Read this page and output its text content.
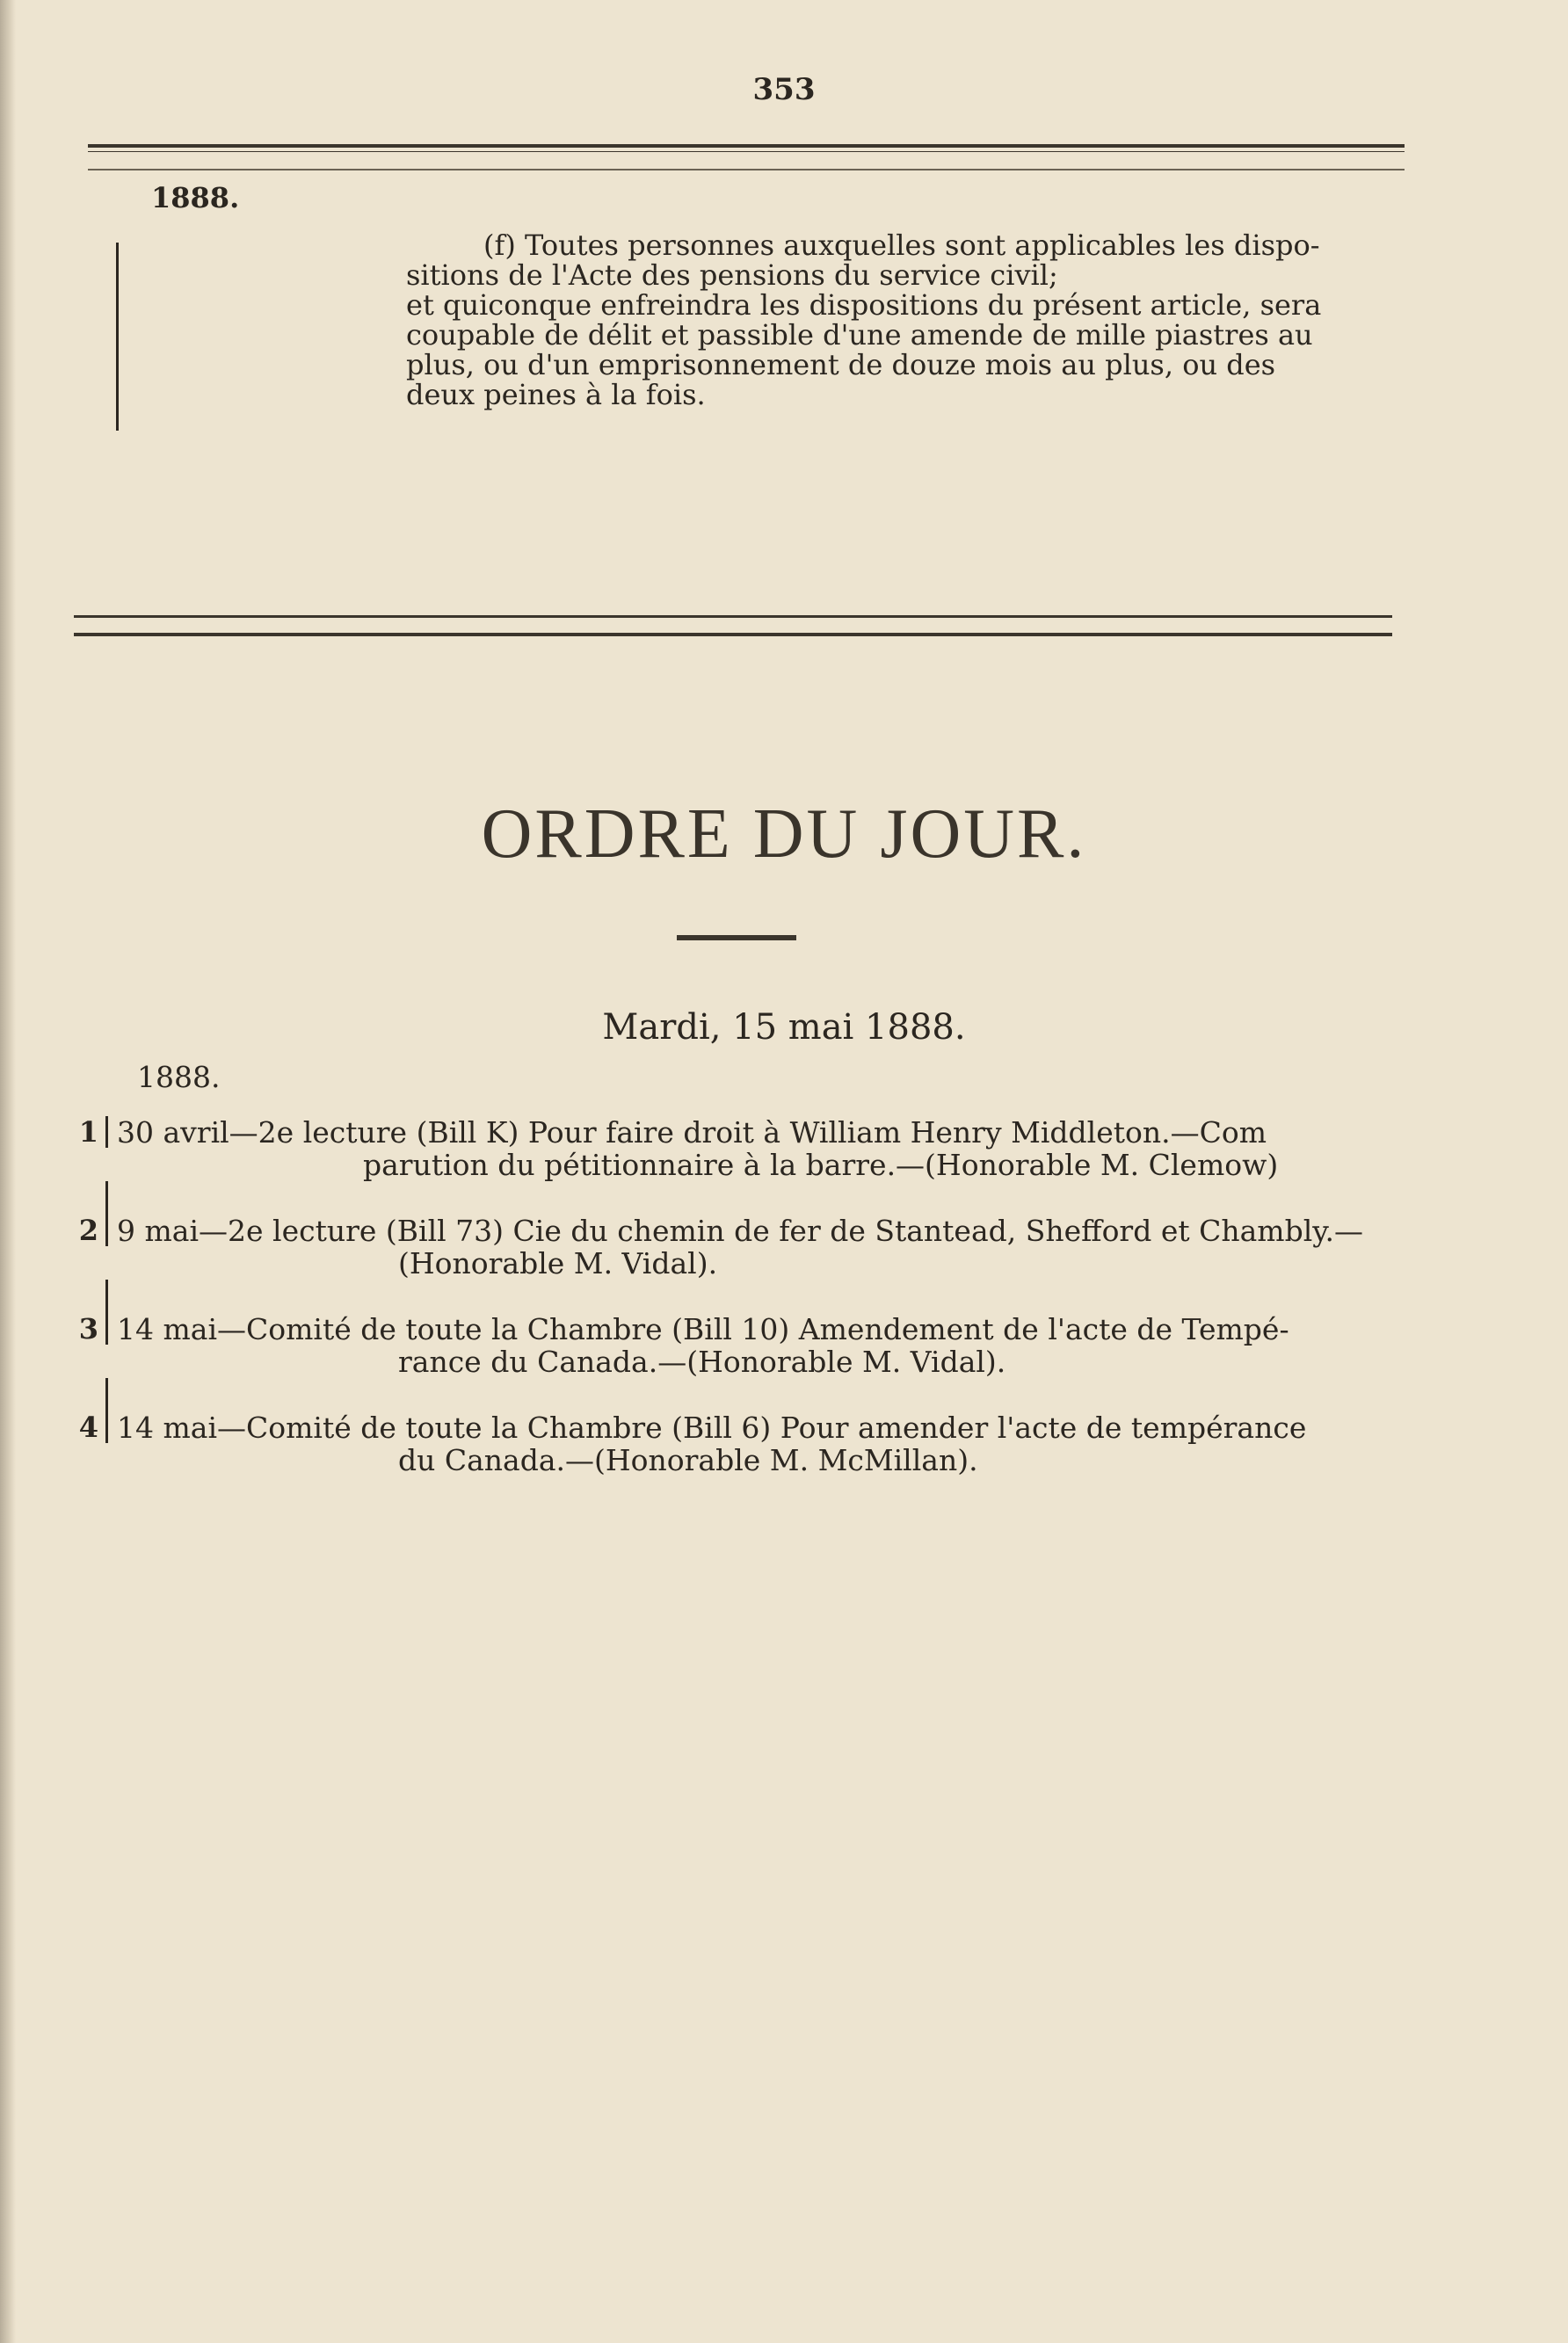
353
1888.
(f) Toutes personnes auxquelles sont applicables les dispo-
sitions de l'Acte des pensions du service civil;
et quiconque enfreindra les dispositions du présent article, sera
coupable de délit et passible d'une amende de mille piastres au
plus, ou d'un emprisonnement de douze mois au plus, ou des
deux peines à la fois.
ORDRE DU JOUR.
Mardi, 15 mai 1888.
1888.
1 30 avril—2e lecture (Bill K) Pour faire droit à William Henry Middleton.—Com
parution du pétitionnaire à la barre.—(Honorable M. Clemow)
2 9 mai—2e lecture (Bill 73) Cie du chemin de fer de Stantead, Shefford et Chambly.—
(Honorable M. Vidal).
3 14 mai—Comité de toute la Chambre (Bill 10) Amendement de l'acte de Tempé-
rance du Canada.—(Honorable M. Vidal).
4 14 mai—Comité de toute la Chambre (Bill 6) Pour amender l'acte de tempérance
du Canada.—(Honorable M. McMillan).
